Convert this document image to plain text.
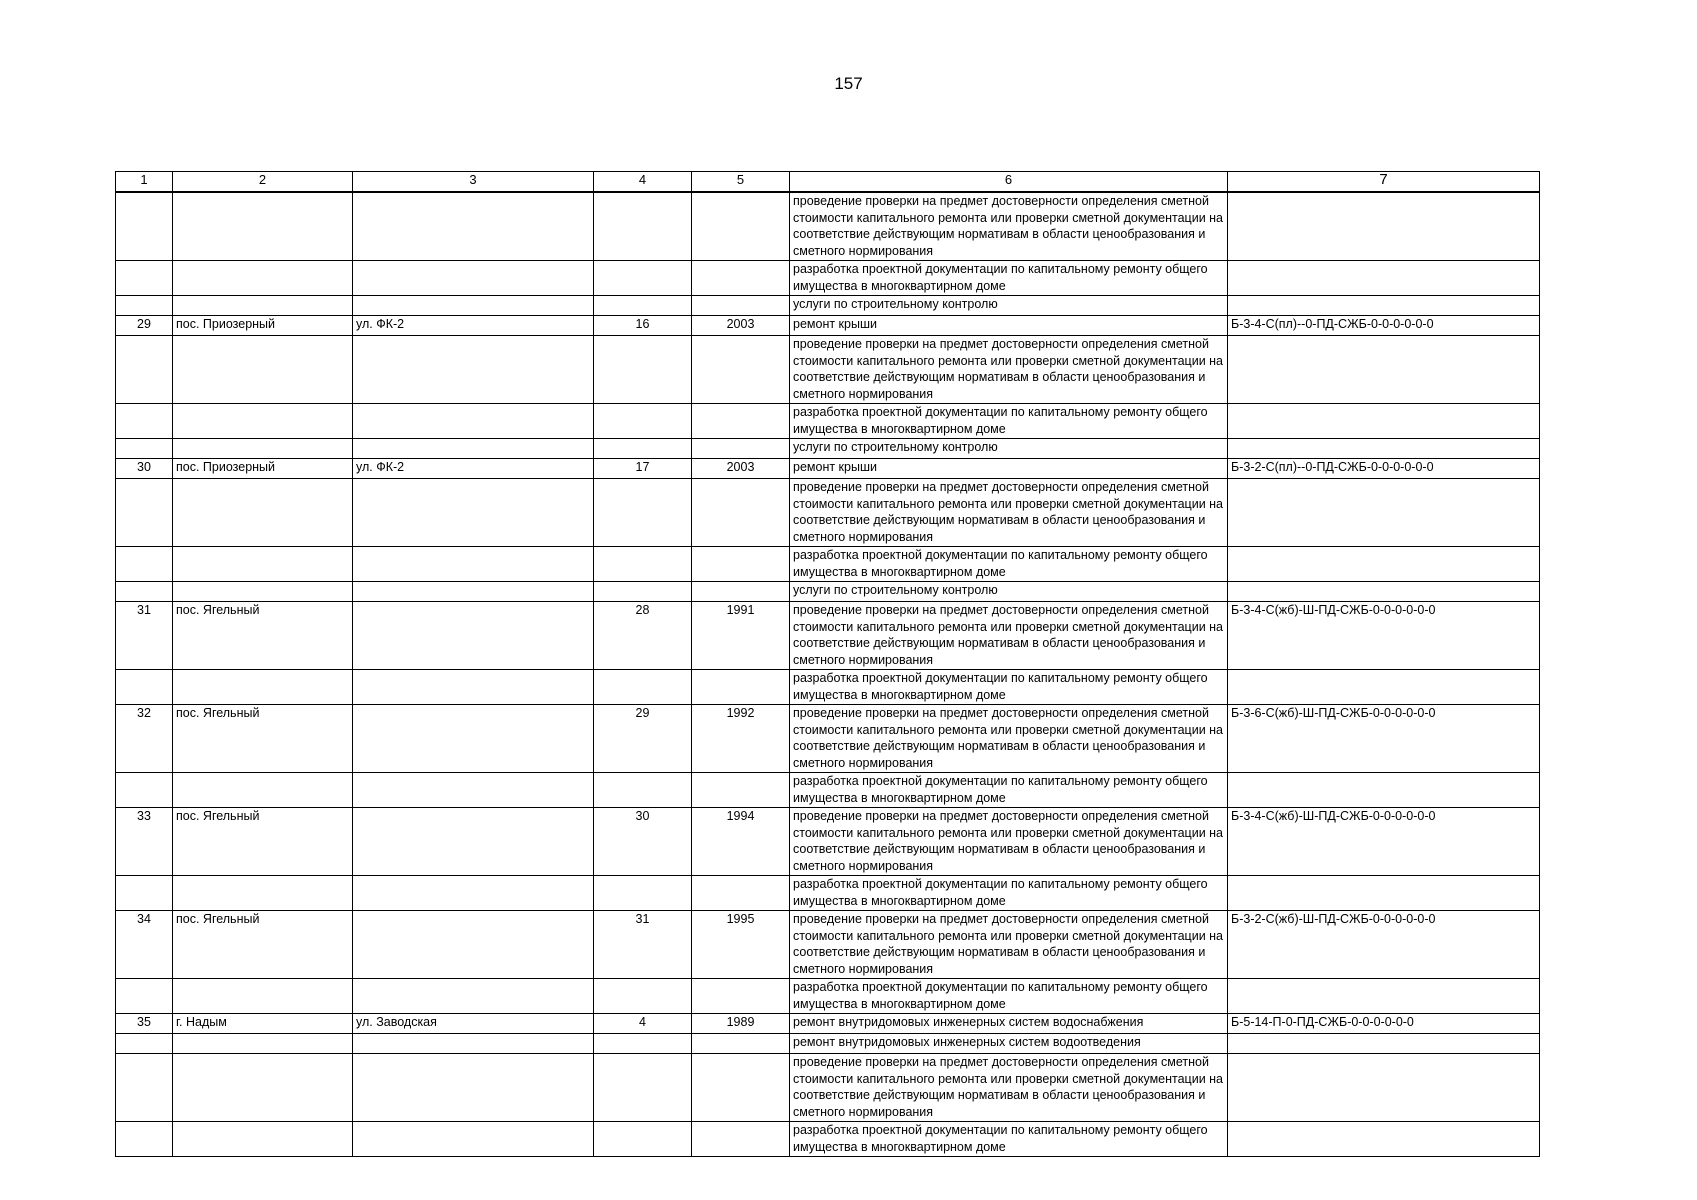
157
1	2	3	4	5	6	7
					проведение проверки на предмет достоверности определения сметной стоимости капитального ремонта или проверки сметной документации на соответствие действующим нормативам в области ценообразования и сметного нормирования	
					разработка проектной документации по капитальному ремонту общего имущества в многоквартирном доме	
					услуги по строительному контролю	
29	пос. Приозерный	ул. ФК-2	16	2003	ремонт крыши	Б-3-4-С(пл)--0-ПД-СЖБ-0-0-0-0-0-0
					проведение проверки на предмет достоверности определения сметной стоимости капитального ремонта или проверки сметной документации на соответствие действующим нормативам в области ценообразования и сметного нормирования	
					разработка проектной документации по капитальному ремонту общего имущества в многоквартирном доме	
					услуги по строительному контролю	
30	пос. Приозерный	ул. ФК-2	17	2003	ремонт крыши	Б-3-2-С(пл)--0-ПД-СЖБ-0-0-0-0-0-0
					проведение проверки на предмет достоверности определения сметной стоимости капитального ремонта или проверки сметной документации на соответствие действующим нормативам в области ценообразования и сметного нормирования	
					разработка проектной документации по капитальному ремонту общего имущества в многоквартирном доме	
					услуги по строительному контролю	
31	пос. Ягельный		28	1991	проведение проверки на предмет достоверности определения сметной стоимости капитального ремонта или проверки сметной документации на соответствие действующим нормативам в области ценообразования и сметного нормирования	Б-3-4-С(жб)-Ш-ПД-СЖБ-0-0-0-0-0-0
					разработка проектной документации по капитальному ремонту общего имущества в многоквартирном доме	
32	пос. Ягельный		29	1992	проведение проверки на предмет достоверности определения сметной стоимости капитального ремонта или проверки сметной документации на соответствие действующим нормативам в области ценообразования и сметного нормирования	Б-3-6-С(жб)-Ш-ПД-СЖБ-0-0-0-0-0-0
					разработка проектной документации по капитальному ремонту общего имущества в многоквартирном доме	
33	пос. Ягельный		30	1994	проведение проверки на предмет достоверности определения сметной стоимости капитального ремонта или проверки сметной документации на соответствие действующим нормативам в области ценообразования и сметного нормирования	Б-3-4-С(жб)-Ш-ПД-СЖБ-0-0-0-0-0-0
					разработка проектной документации по капитальному ремонту общего имущества в многоквартирном доме	
34	пос. Ягельный		31	1995	проведение проверки на предмет достоверности определения сметной стоимости капитального ремонта или проверки сметной документации на соответствие действующим нормативам в области ценообразования и сметного нормирования	Б-3-2-С(жб)-Ш-ПД-СЖБ-0-0-0-0-0-0
					разработка проектной документации по капитальному ремонту общего имущества в многоквартирном доме	
35	г. Надым	ул. Заводская	4	1989	ремонт внутридомовых инженерных систем водоснабжения	Б-5-14-П-0-ПД-СЖБ-0-0-0-0-0-0
					ремонт внутридомовых инженерных систем водоотведения	
					проведение проверки на предмет достоверности определения сметной стоимости капитального ремонта или проверки сметной документации на соответствие действующим нормативам в области ценообразования и сметного нормирования	
					разработка проектной документации по капитальному ремонту общего имущества в многоквартирном доме	
